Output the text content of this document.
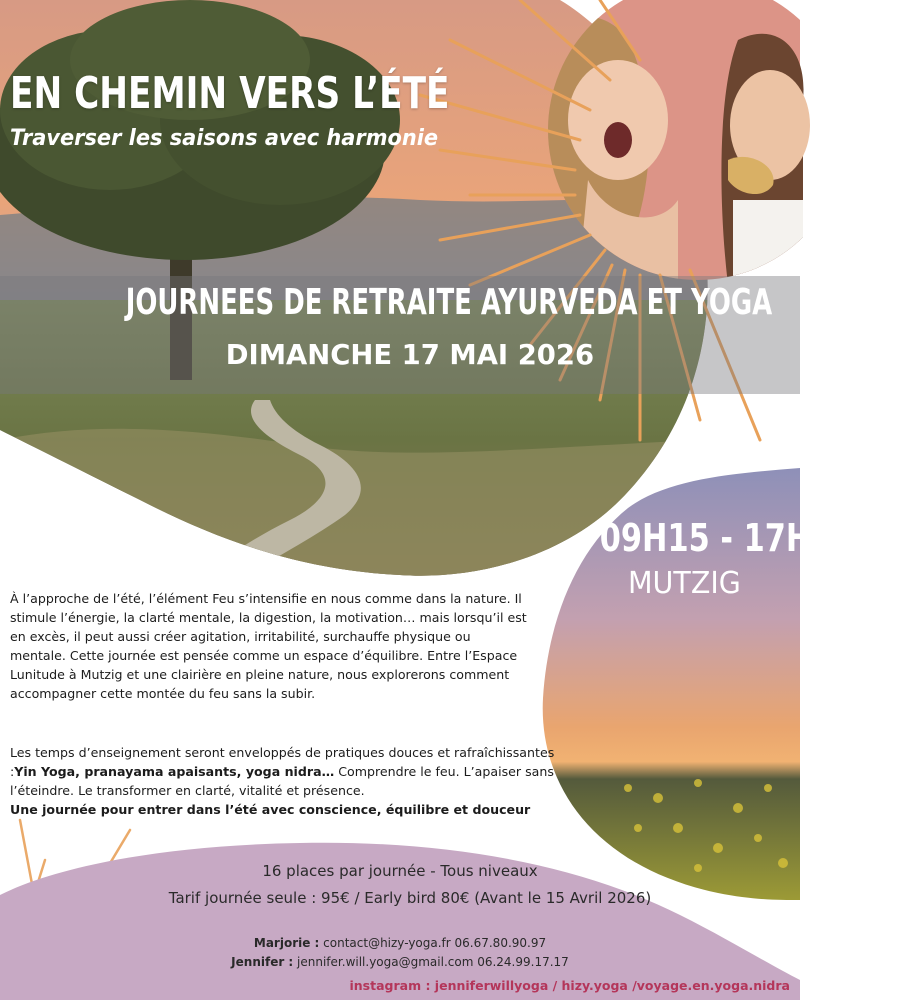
EN CHEMIN VERS L’ÉTÉ
Traverser les saisons avec harmonie
JOURNEES DE RETRAITE AYURVEDA ET YOGA
DIMANCHE 17 MAI 2026
09H15 - 17H45
MUTZIG

À l’approche de l’été, l’élément Feu s’intensifie en nous comme dans la nature. Il stimule l’énergie, la clarté mentale, la digestion, la motivation… mais lorsqu’il est en excès, il peut aussi créer agitation, irritabilité, surchauffe physique ou mentale. Cette journée est pensée comme un espace d’équilibre. Entre l’Espace Lunitude à Mutzig et une clairière en pleine nature, nous explorerons comment accompagner cette montée du feu sans la subir.

Les temps d’enseignement seront enveloppés de pratiques douces et rafraîchissantes :Yin Yoga, pranayama apaisants, yoga nidra… Comprendre le feu. L’apaiser sans l’éteindre. Le transformer en clarté, vitalité et présence.
Une journée pour entrer dans l’été avec conscience, équilibre et douceur
16 places par journée - Tous niveaux
Tarif journée seule : 95€ / Early bird 80€ (Avant le 15 Avril 2026)
Marjorie : contact@hizy-yoga.fr 06.67.80.90.97
Jennifer : jennifer.will.yoga@gmail.com 06.24.99.17.17
instagram : jenniferwillyoga / hizy.yoga /voyage.en.yoga.nidra
